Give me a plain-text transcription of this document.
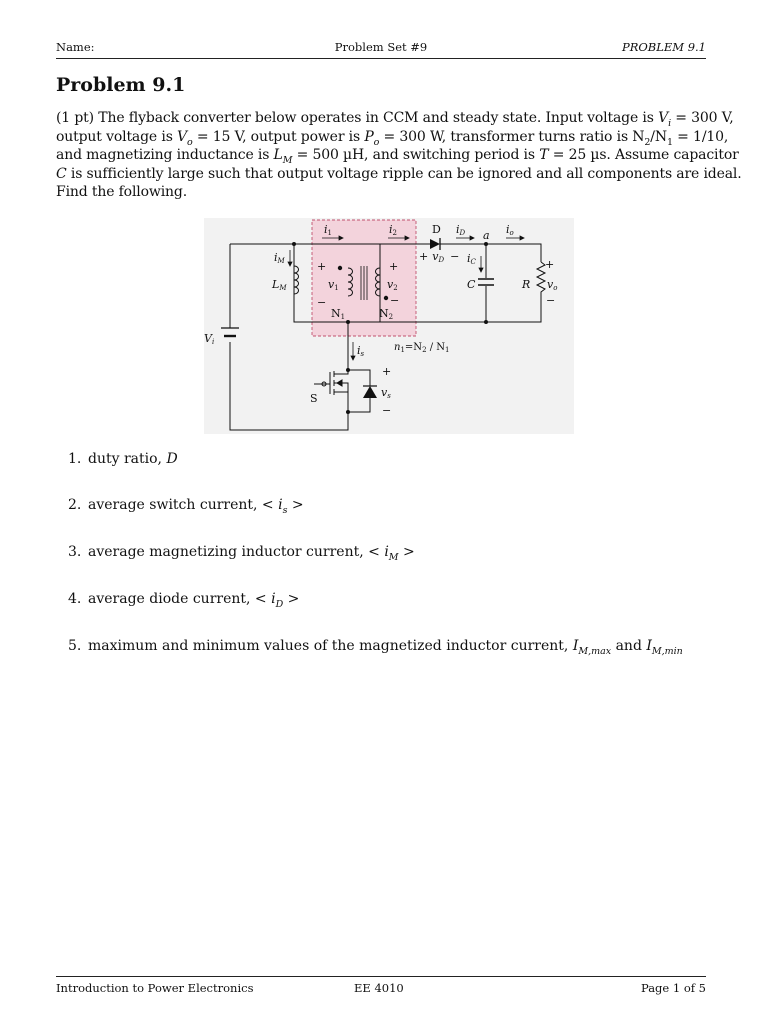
Name:	Problem Set #9	PROBLEM 9.1
Problem 9.1
(1 pt) The flyback converter below operates in CCM and steady state. Input voltage is $V_i = 300$ V,
output voltage is $V_o = 15$ V, output power is $P_o = 300$ W, transformer turns ratio is $N_2/N_1 = 1/10$,
and magnetizing inductance is $L_M = 500$ µH, and switching period is T = 25 µs. Assume capacitor
C is sufficiently large such that output voltage ripple can be ignored and all components are ideal.
Find the following.
i1	i2	D iD a io
iM
LM
+
v1
−
+
v2
−
N1	N2
+ vD − iC
C	R
+
vo
−
Vi
is
$n_1=N_2 / N_1$
S
+
vs
−
1. duty ratio, D
2. average switch current, < $i_s$ >
3. average magnetizing inductor current, < $i_M$ >
4. average diode current, < $i_D$ >
5. maximum and minimum values of the magnetized inductor current, $I_{M,max}$ and $I_{M,min}$
Introduction to Power Electronics	EE 4010	Page 1 of 5
